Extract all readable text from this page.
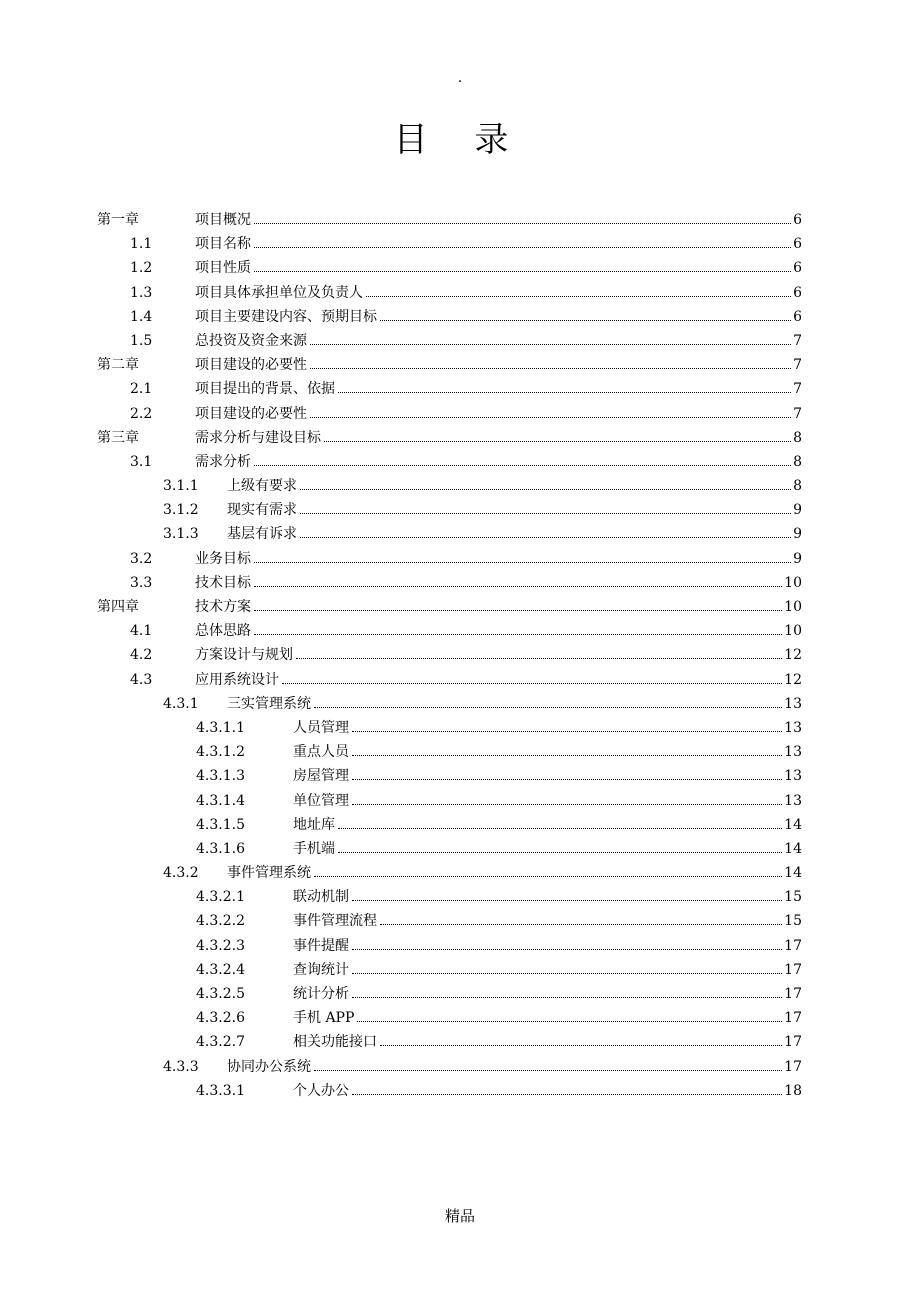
.
目 录
第一章	项目概况	6
1.1	项目名称	6
1.2	项目性质	6
1.3	项目具体承担单位及负责人	6
1.4	项目主要建设内容、预期目标	6
1.5	总投资及资金来源	7
第二章	项目建设的必要性	7
2.1	项目提出的背景、依据	7
2.2	项目建设的必要性	7
第三章	需求分析与建设目标	8
3.1	需求分析	8
3.1.1 上级有要求	8
3.1.2 现实有需求	9
3.1.3 基层有诉求	9
3.2	业务目标	9
3.3	技术目标	10
第四章	技术方案	10
4.1	总体思路	10
4.2	方案设计与规划	12
4.3	应用系统设计	12
4.3.1 三实管理系统	13
4.3.1.1	人员管理	13
4.3.1.2	重点人员	13
4.3.1.3	房屋管理	13
4.3.1.4	单位管理	13
4.3.1.5	地址库	14
4.3.1.6	手机端	14
4.3.2 事件管理系统	14
4.3.2.1	联动机制	15
4.3.2.2	事件管理流程	15
4.3.2.3	事件提醒	17
4.3.2.4	查询统计	17
4.3.2.5	统计分析	17
4.3.2.6	手机 APP	17
4.3.2.7	相关功能接口	17
4.3.3 协同办公系统	17
4.3.3.1	个人办公	18
精品
